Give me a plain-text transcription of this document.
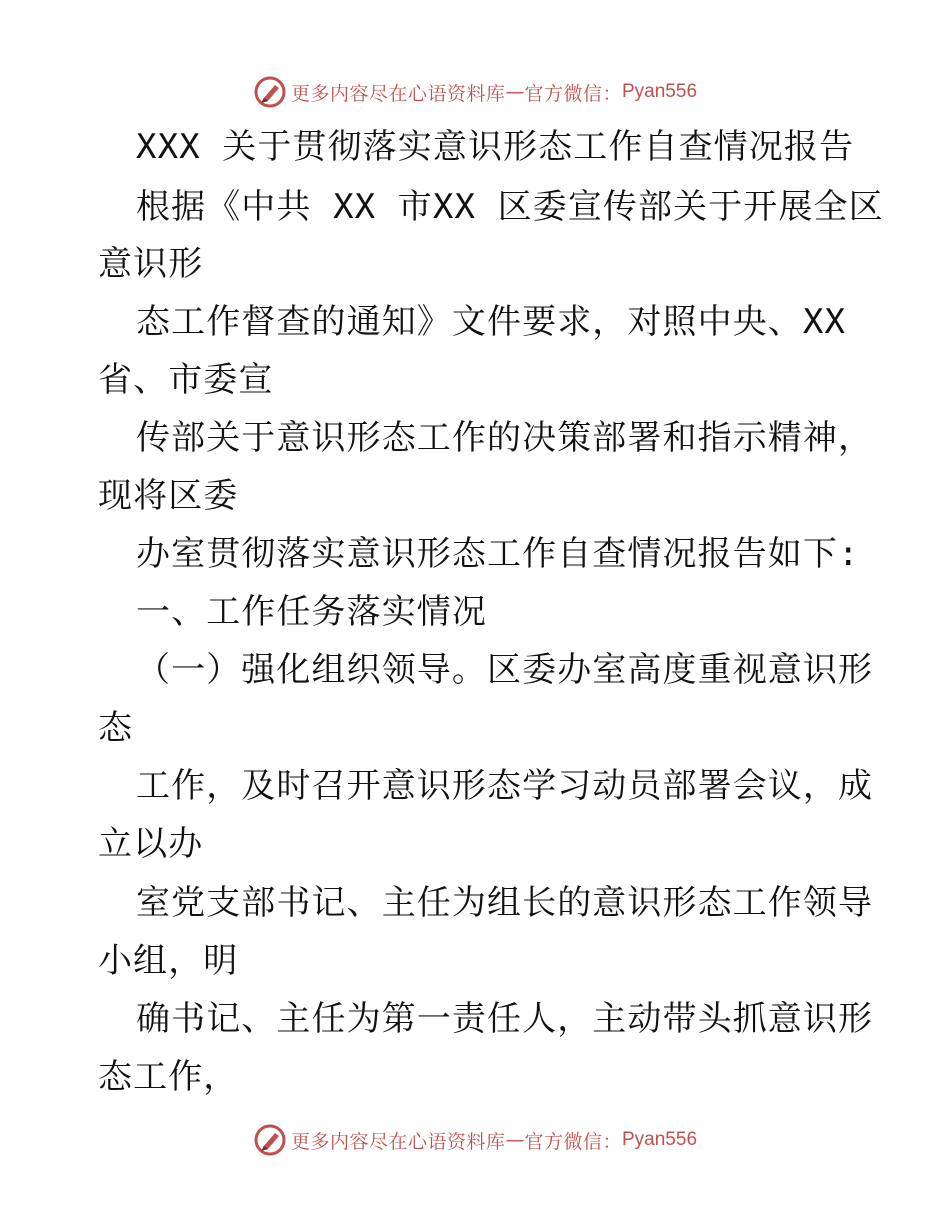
更多内容尽在心语资料库 — 官方微信： Pyan556
XXX 关于贯彻落实意识形态工作自查情况报告
根据《中共 XX 市XX 区委宣传部关于开展全区
意识形
态工作督查的通知》文件要求，对照中央、XX
省、市委宣
传部关于意识形态工作的决策部署和指示精神，
现将区委
办室贯彻落实意识形态工作自查情况报告如下:
一、工作任务落实情况
（一）强化组织领导。区委办室高度重视意识形
态
工作，及时召开意识形态学习动员部署会议，成
立以办
室党支部书记、主任为组长的意识形态工作领导
小组，明
确书记、主任为第一责任人，主动带头抓意识形
态工作，
更多内容尽在心语资料库 — 官方微信： Pyan556
